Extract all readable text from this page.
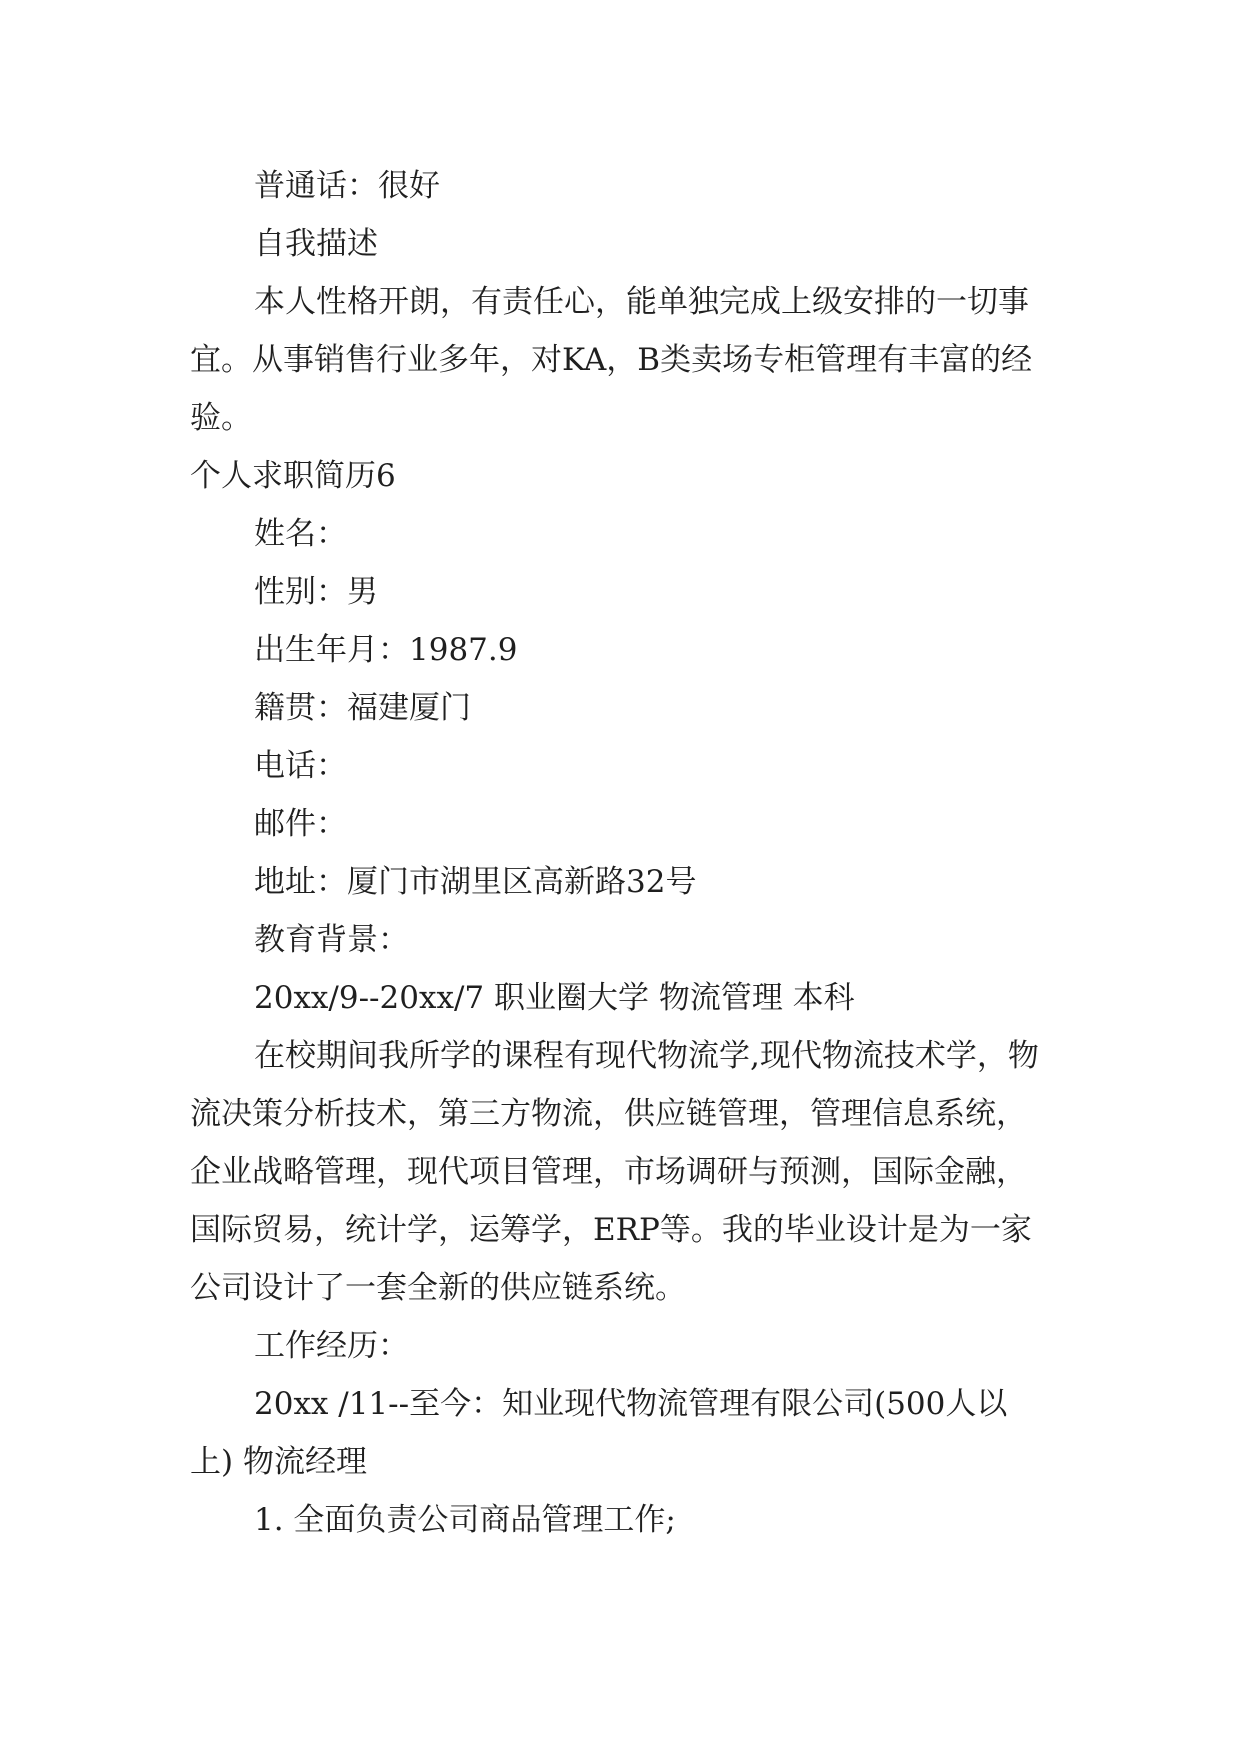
普通话：很好

自我描述

本人性格开朗，有责任心，能单独完成上级安排的一切事宜。从事销售行业多年，对KA，B类卖场专柜管理有丰富的经验。

个人求职简历6

姓名：

性别：男

出生年月：1987.9

籍贯：福建厦门

电话：

邮件：

地址：厦门市湖里区高新路32号

教育背景：

20xx/9--20xx/7 职业圈大学 物流管理 本科

在校期间我所学的课程有现代物流学,现代物流技术学，物流决策分析技术，第三方物流，供应链管理，管理信息系统，企业战略管理，现代项目管理，市场调研与预测，国际金融，国际贸易，统计学，运筹学，ERP等。我的毕业设计是为一家公司设计了一套全新的供应链系统。

工作经历：

20xx /11--至今：知业现代物流管理有限公司(500人以上) 物流经理

1. 全面负责公司商品管理工作;
